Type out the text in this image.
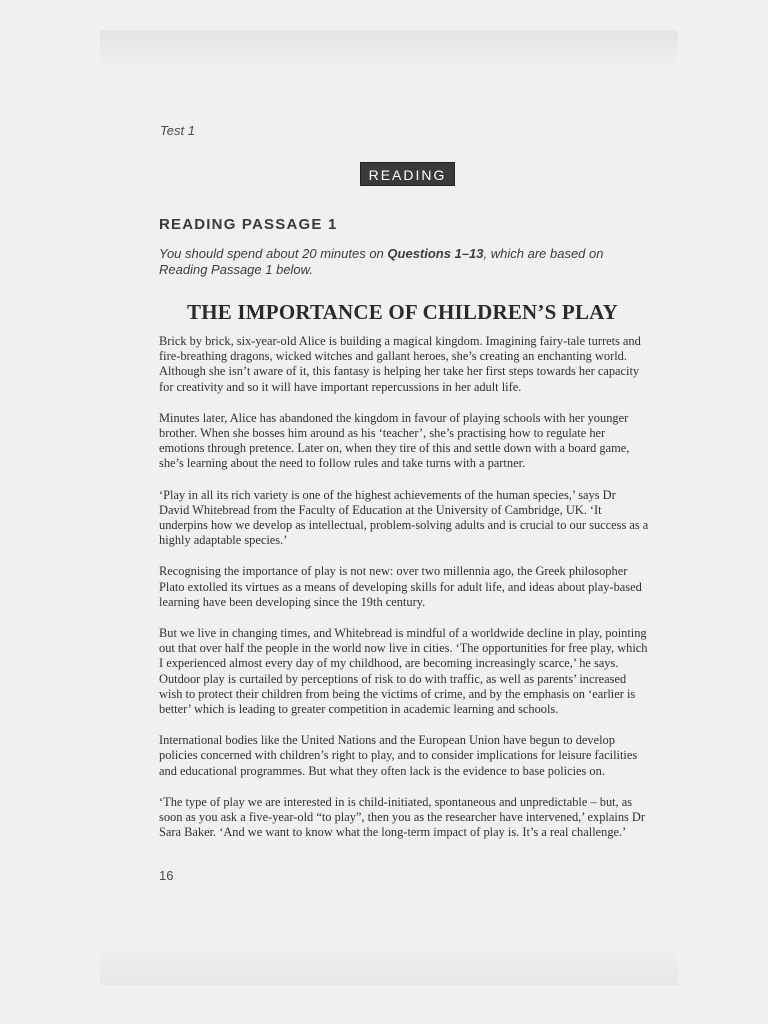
Test 1
READING
READING PASSAGE 1
You should spend about 20 minutes on Questions 1–13, which are based on Reading Passage 1 below.
THE IMPORTANCE OF CHILDREN’S PLAY

Brick by brick, six-year-old Alice is building a magical kingdom. Imagining fairy-tale turrets and fire-breathing dragons, wicked witches and gallant heroes, she’s creating an enchanting world. Although she isn’t aware of it, this fantasy is helping her take her first steps towards her capacity for creativity and so it will have important repercussions in her adult life.

Minutes later, Alice has abandoned the kingdom in favour of playing schools with her younger brother. When she bosses him around as his ‘teacher’, she’s practising how to regulate her emotions through pretence. Later on, when they tire of this and settle down with a board game, she’s learning about the need to follow rules and take turns with a partner.

‘Play in all its rich variety is one of the highest achievements of the human species,’ says Dr David Whitebread from the Faculty of Education at the University of Cambridge, UK. ‘It underpins how we develop as intellectual, problem-solving adults and is crucial to our success as a highly adaptable species.’

Recognising the importance of play is not new: over two millennia ago, the Greek philosopher Plato extolled its virtues as a means of developing skills for adult life, and ideas about play-based learning have been developing since the 19th century.

But we live in changing times, and Whitebread is mindful of a worldwide decline in play, pointing out that over half the people in the world now live in cities. ‘The opportunities for free play, which I experienced almost every day of my childhood, are becoming increasingly scarce,’ he says. Outdoor play is curtailed by perceptions of risk to do with traffic, as well as parents’ increased wish to protect their children from being the victims of crime, and by the emphasis on ‘earlier is better’ which is leading to greater competition in academic learning and schools.

International bodies like the United Nations and the European Union have begun to develop policies concerned with children’s right to play, and to consider implications for leisure facilities and educational programmes. But what they often lack is the evidence to base policies on.

‘The type of play we are interested in is child-initiated, spontaneous and unpredictable – but, as soon as you ask a five-year-old “to play”, then you as the researcher have intervened,’ explains Dr Sara Baker. ‘And we want to know what the long-term impact of play is. It’s a real challenge.’

16
